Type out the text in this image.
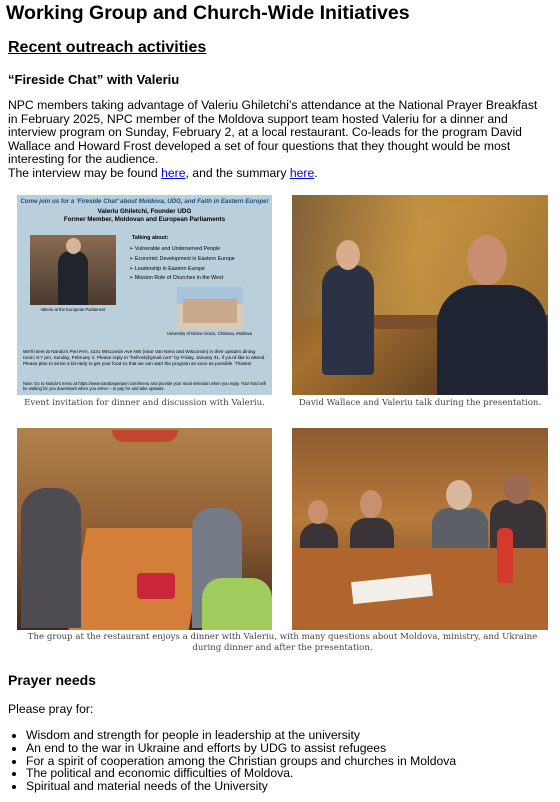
Working Group and Church-Wide Initiatives
Recent outreach activities
“Fireside Chat” with Valeriu

NPC members taking advantage of Valeriu Ghiletchi’s attendance at the National Prayer Breakfast in February 2025, NPC member of the Moldova support team hosted Valeriu for a dinner and interview program on Sunday, February 2, at a local restaurant. Co-leads for the program David Wallace and Howard Frost developed a set of four questions that they thought would be most interesting for the audience.
The interview may be found here, and the summary here.

Come join us for a ‘Fireside Chat’ about Moldova, UDG, and Faith in Eastern Europe!
Valeriu Ghiletchi, Founder UDG
Former Member, Moldovan and European Parliaments
Valeriu at the European Parliament
Talking about:
➢ Vulnerable and Underserved People
➢ Economic Development in Eastern Europe
➢ Leadership in Eastern Europe
➢ Mission Role of Churches in the West
University of Divine Grace, Chisinau, Moldova
We'll meet at Nando's Peri Peri, 4231 Wisconsin Ave NW (near Van Ness and Wisconsin) in their upstairs dining room; 5-7 pm, Sunday, February 2. Please reply to "hefrost@gmail.com" by Friday, January 31, if you'd like to attend. Please plan to arrive a bit early to get your food so that we can start the program as soon as possible. Thanks!
Note: Go to Nando's menu at https://www.nandosperiperi.com/menu and provide your meal selection when you reply. Your food will be waiting for you downstairs when you arrive -- to pay for and take upstairs.
Event invitation for dinner and discussion with Valeriu.	David Wallace and Valeriu talk during the presentation.
The group at the restaurant enjoys a dinner with Valeriu, with many questions about Moldova, ministry, and Ukraine during dinner and after the presentation.
Prayer needs

Please pray for:

• Wisdom and strength for people in leadership at the university
• An end to the war in Ukraine and efforts by UDG to assist refugees
• For a spirit of cooperation among the Christian groups and churches in Moldova
• The political and economic difficulties of Moldova.
• Spiritual and material needs of the University
